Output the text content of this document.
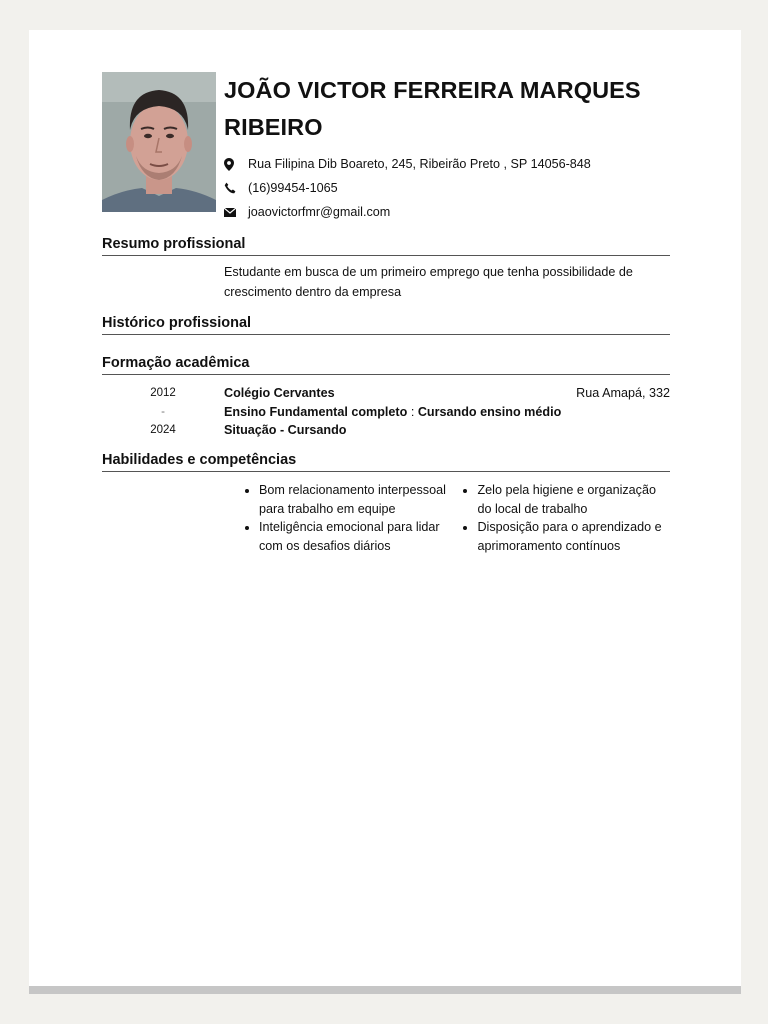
JOÃO VICTOR FERREIRA MARQUES RIBEIRO
Rua Filipina Dib Boareto, 245, Ribeirão Preto , SP 14056-848
(16)99454-1065
joaovictorfmr@gmail.com
Resumo profissional
Estudante em busca de um primeiro emprego que tenha possibilidade de crescimento dentro da empresa
Histórico profissional
Formação acadêmica
2012
-
2024
Colégio Cervantes
Ensino Fundamental completo : Cursando ensino médio
Situação - Cursando
Rua Amapá, 332
Habilidades e competências
• Bom relacionamento interpessoal para trabalho em equipe
• Inteligência emocional para lidar com os desafios diários
• Zelo pela higiene e organização do local de trabalho
• Disposição para o aprendizado e aprimoramento contínuos
